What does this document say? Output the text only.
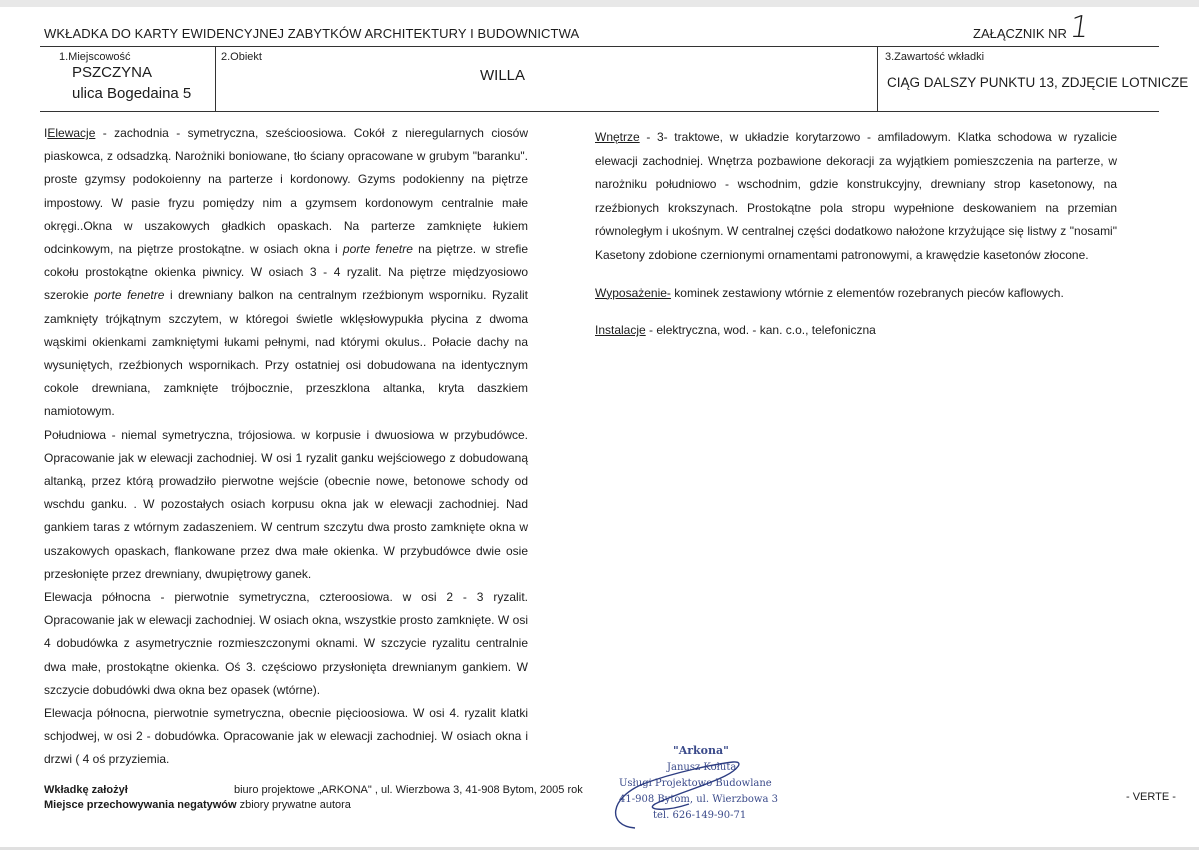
WKŁADKA DO KARTY EWIDENCYJNEJ ZABYTKÓW ARCHITEKTURY I BUDOWNICTWA	ZAŁĄCZNIK NR 1
1.Miejscowość
PSZCZYNA
ulica Bogedaina 5
2.Obiekt
WILLA
3.Zawartość wkładki
CIĄG DALSZY PUNKTU 13, ZDJĘCIE LOTNICZE

IElewacje - zachodnia - symetryczna, sześcioosiowa. Cokół z nieregularnych ciosów piaskowca, z odsadzką. Narożniki boniowane, tło ściany opracowane w grubym "baranku". proste gzymsy podokoienny na parterze i kordonowy. Gzyms podokienny na piętrze impostowy. W pasie fryzu pomiędzy nim a gzymsem kordonowym centralnie małe okręgi..Okna w uszakowych gładkich opaskach. Na parterze zamknięte łukiem odcinkowym, na piętrze prostokątne. w osiach okna i porte fenetre na piętrze. w strefie cokołu prostokątne okienka piwnicy. W osiach 3 - 4 ryzalit. Na piętrze międzyosiowo szerokie porte fenetre i drewniany balkon na centralnym rzeźbionym wsporniku. Ryzalit zamknięty trójkątnym szczytem, w któregoi świetle wklęsłowypukła płycina z dwoma wąskimi okienkami zamkniętymi łukami pełnymi, nad którymi okulus.. Połacie dachy na wysuniętych, rzeźbionych wspornikach. Przy ostatniej osi dobudowana na identycznym cokole drewniana, zamknięte trójbocznie, przeszklona altanka, kryta daszkiem namiotowym.

Południowa - niemal symetryczna, trójosiowa. w korpusie i dwuosiowa w przybudówce. Opracowanie jak w elewacji zachodniej. W osi 1 ryzalit ganku wejściowego z dobudowaną altanką, przez którą prowadziło pierwotne wejście (obecnie nowe, betonowe schody od wschdu ganku. . W pozostałych osiach korpusu okna jak w elewacji zachodniej. Nad gankiem taras z wtórnym zadaszeniem. W centrum szczytu dwa prosto zamknięte okna w uszakowych opaskach, flankowane przez dwa małe okienka. W przybudówce dwie osie przesłonięte przez drewniany, dwupiętrowy ganek.

Elewacja północna - pierwotnie symetryczna, czteroosiowa. w osi 2 - 3 ryzalit. Opracowanie jak w elewacji zachodniej. W osiach okna, wszystkie prosto zamknięte. W osi 4 dobudówka z asymetrycznie rozmieszczonymi oknami. W szczycie ryzalitu centralnie dwa małe, prostokątne okienka. Oś 3. częściowo przysłonięta drewnianym gankiem. W szczycie dobudówki dwa okna bez opasek (wtórne).

Elewacja północna, pierwotnie symetryczna, obecnie pięcioosiowa. W osi 4. ryzalit klatki schjodwej, w osi 2 - dobudówka. Opracowanie jak w elewacji zachodniej. W osiach okna i drzwi ( 4 oś przyziemia.

Wnętrze - 3- traktowe, w układzie korytarzowo - amfiladowym. Klatka schodowa w ryzalicie elewacji zachodniej. Wnętrza pozbawione dekoracji za wyjątkiem pomieszczenia na parterze, w narożniku południowo - wschodnim, gdzie konstrukcyjny, drewniany strop kasetonowy, na rzeźbionych krokszynach. Prostokątne pola stropu wypełnione deskowaniem na przemian równoległym i ukośnym. W centralnej części dodatkowo nałożone krzyżujące się listwy z "nosami" Kasetony zdobione czernionymi ornamentami patronowymi, a krawędzie kasetonów złocone.

Wyposażenie- kominek zestawiony wtórnie z elementów rozebranych pieców kaflowych.

Instalacje - elektryczna, wod. - kan. c.o., telefoniczna

Wkładkę założył	biuro projektowe „ARKONA" , ul. Wierzbowa 3, 41-908 Bytom, 2005 rok
Miejsce przechowywania negatywów zbiory prywatne autora
"Arkona"
Janusz Kołuta
Usługi Projektowo Budowlane
41-908 Bytom, ul. Wierzbowa 3
tel. 626-149-90-71
- VERTE -
